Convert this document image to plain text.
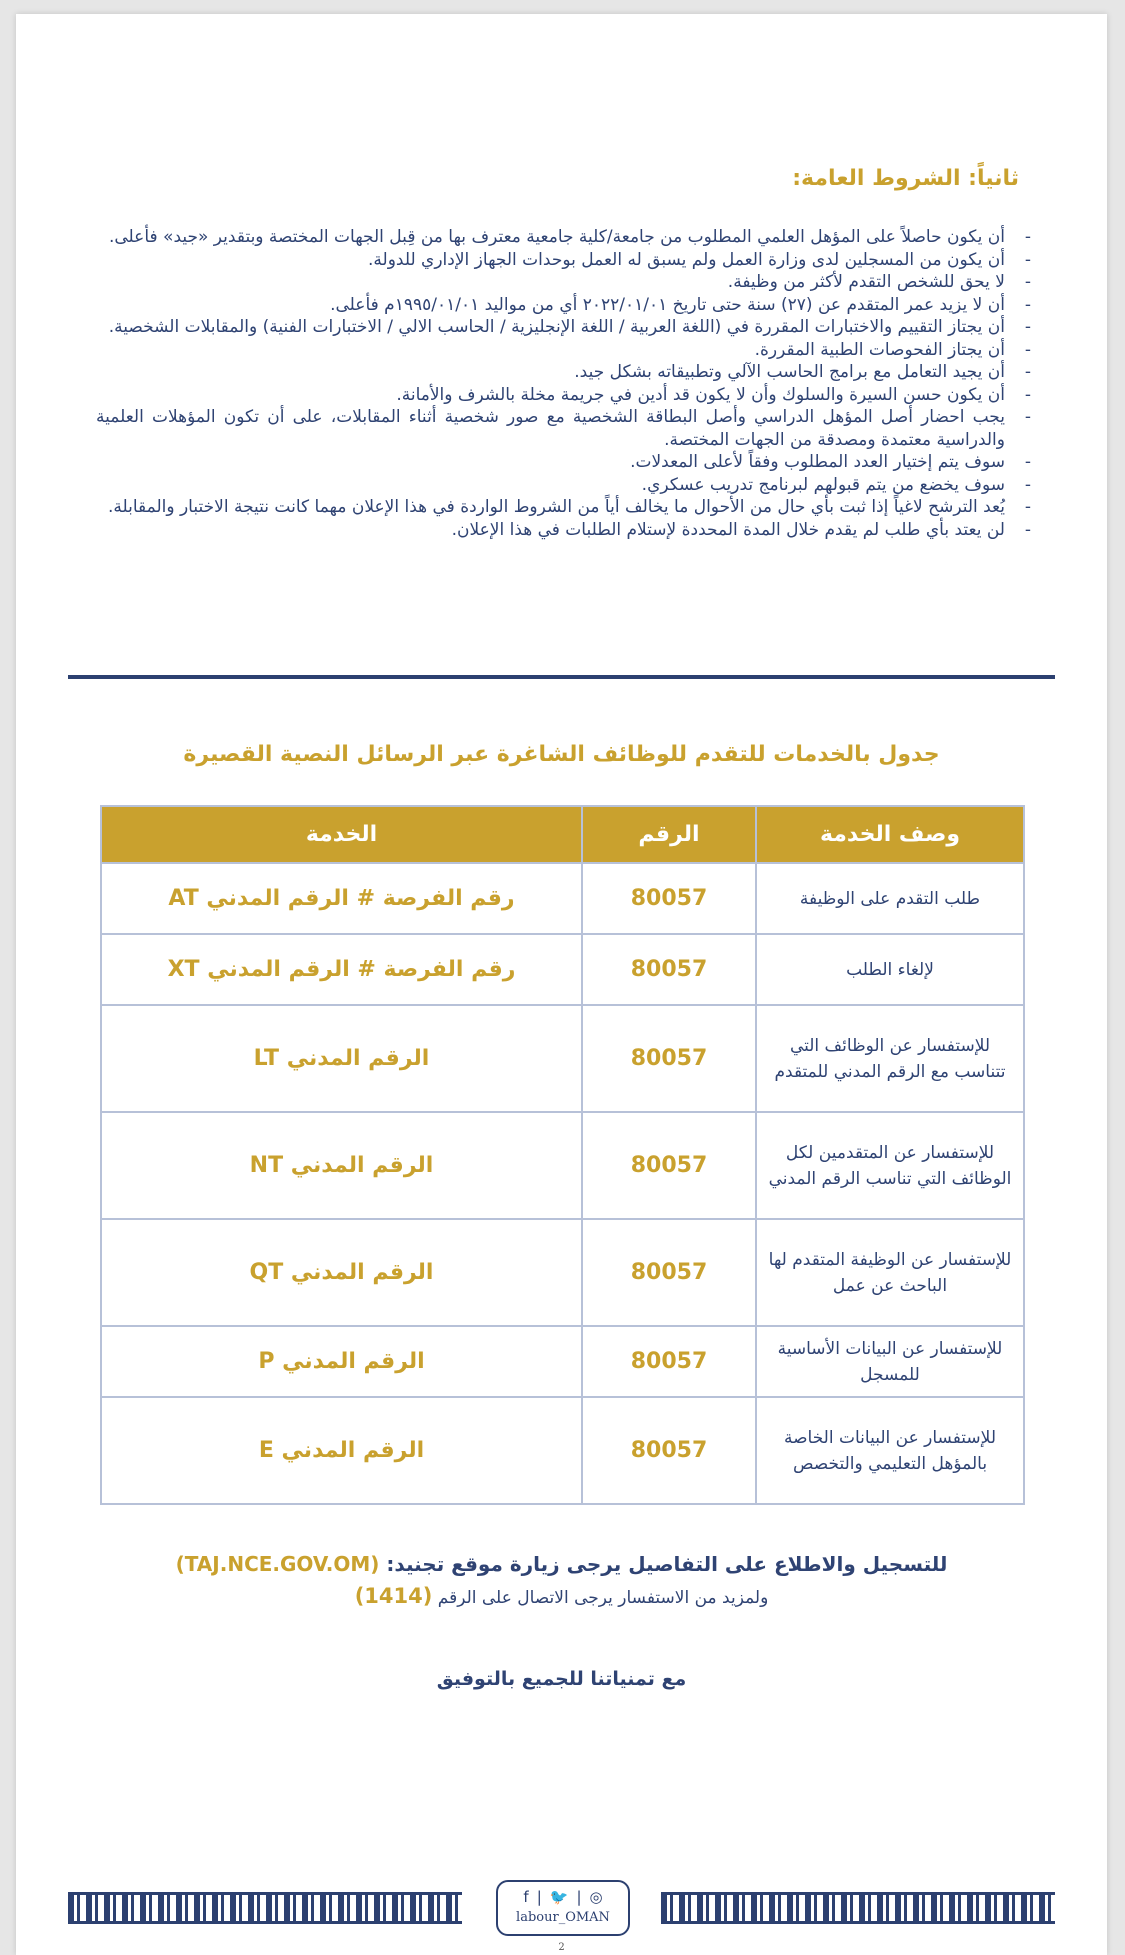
ثانياً: الشروط العامة:
- أن يكون حاصلاً على المؤهل العلمي المطلوب من جامعة/كلية جامعية معترف بها من قِبل الجهات المختصة وبتقدير «جيد» فأعلى.
- أن يكون من المسجلين لدى وزارة العمل ولم يسبق له العمل بوحدات الجهاز الإداري للدولة.
- لا يحق للشخص التقدم لأكثر من وظيفة.
- أن لا يزيد عمر المتقدم عن (٢٧) سنة حتى تاريخ ٢٠٢٢/٠١/٠١ أي من مواليد ١٩٩٥/٠١/٠١م فأعلى.
- أن يجتاز التقييم والاختبارات المقررة في (اللغة العربية / اللغة الإنجليزية / الحاسب الالي / الاختبارات الفنية) والمقابلات الشخصية.
- أن يجتاز الفحوصات الطبية المقررة.
- أن يجيد التعامل مع برامج الحاسب الآلي وتطبيقاته بشكل جيد.
- أن يكون حسن السيرة والسلوك وأن لا يكون قد أدين في جريمة مخلة بالشرف والأمانة.
- يجب احضار أصل المؤهل الدراسي وأصل البطاقة الشخصية مع صور شخصية أثناء المقابلات، على أن تكون المؤهلات العلمية والدراسية معتمدة ومصدقة من الجهات المختصة.
- سوف يتم إختيار العدد المطلوب وفقاً لأعلى المعدلات.
- سوف يخضع من يتم قبولهم لبرنامج تدريب عسكري.
- يُعد الترشح لاغياً إذا ثبت بأي حال من الأحوال ما يخالف أياً من الشروط الواردة في هذا الإعلان مهما كانت نتيجة الاختبار والمقابلة.
- لن يعتد بأي طلب لم يقدم خلال المدة المحددة لإستلام الطلبات في هذا الإعلان.
جدول بالخدمات للتقدم للوظائف الشاغرة عبر الرسائل النصية القصيرة
وصف الخدمة	الرقم	الخدمة
طلب التقدم على الوظيفة	80057	رقم الفرصة # الرقم المدني AT
لإلغاء الطلب	80057	رقم الفرصة # الرقم المدني XT
للإستفسار عن الوظائف التي تتناسب مع الرقم المدني للمتقدم	80057	الرقم المدني LT
للإستفسار عن المتقدمين لكل الوظائف التي تناسب الرقم المدني	80057	الرقم المدني NT
للإستفسار عن الوظيفة المتقدم لها الباحث عن عمل	80057	الرقم المدني QT
للإستفسار عن البيانات الأساسية للمسجل	80057	الرقم المدني P
للإستفسار عن البيانات الخاصة بالمؤهل التعليمي والتخصص	80057	الرقم المدني E
للتسجيل والاطلاع على التفاصيل يرجى زيارة موقع تجنيد: (TAJ.NCE.GOV.OM)
ولمزيد من الاستفسار يرجى الاتصال على الرقم (1414)
مع تمنياتنا للجميع بالتوفيق
f | 🐦 | ◎
labour_OMAN
2
